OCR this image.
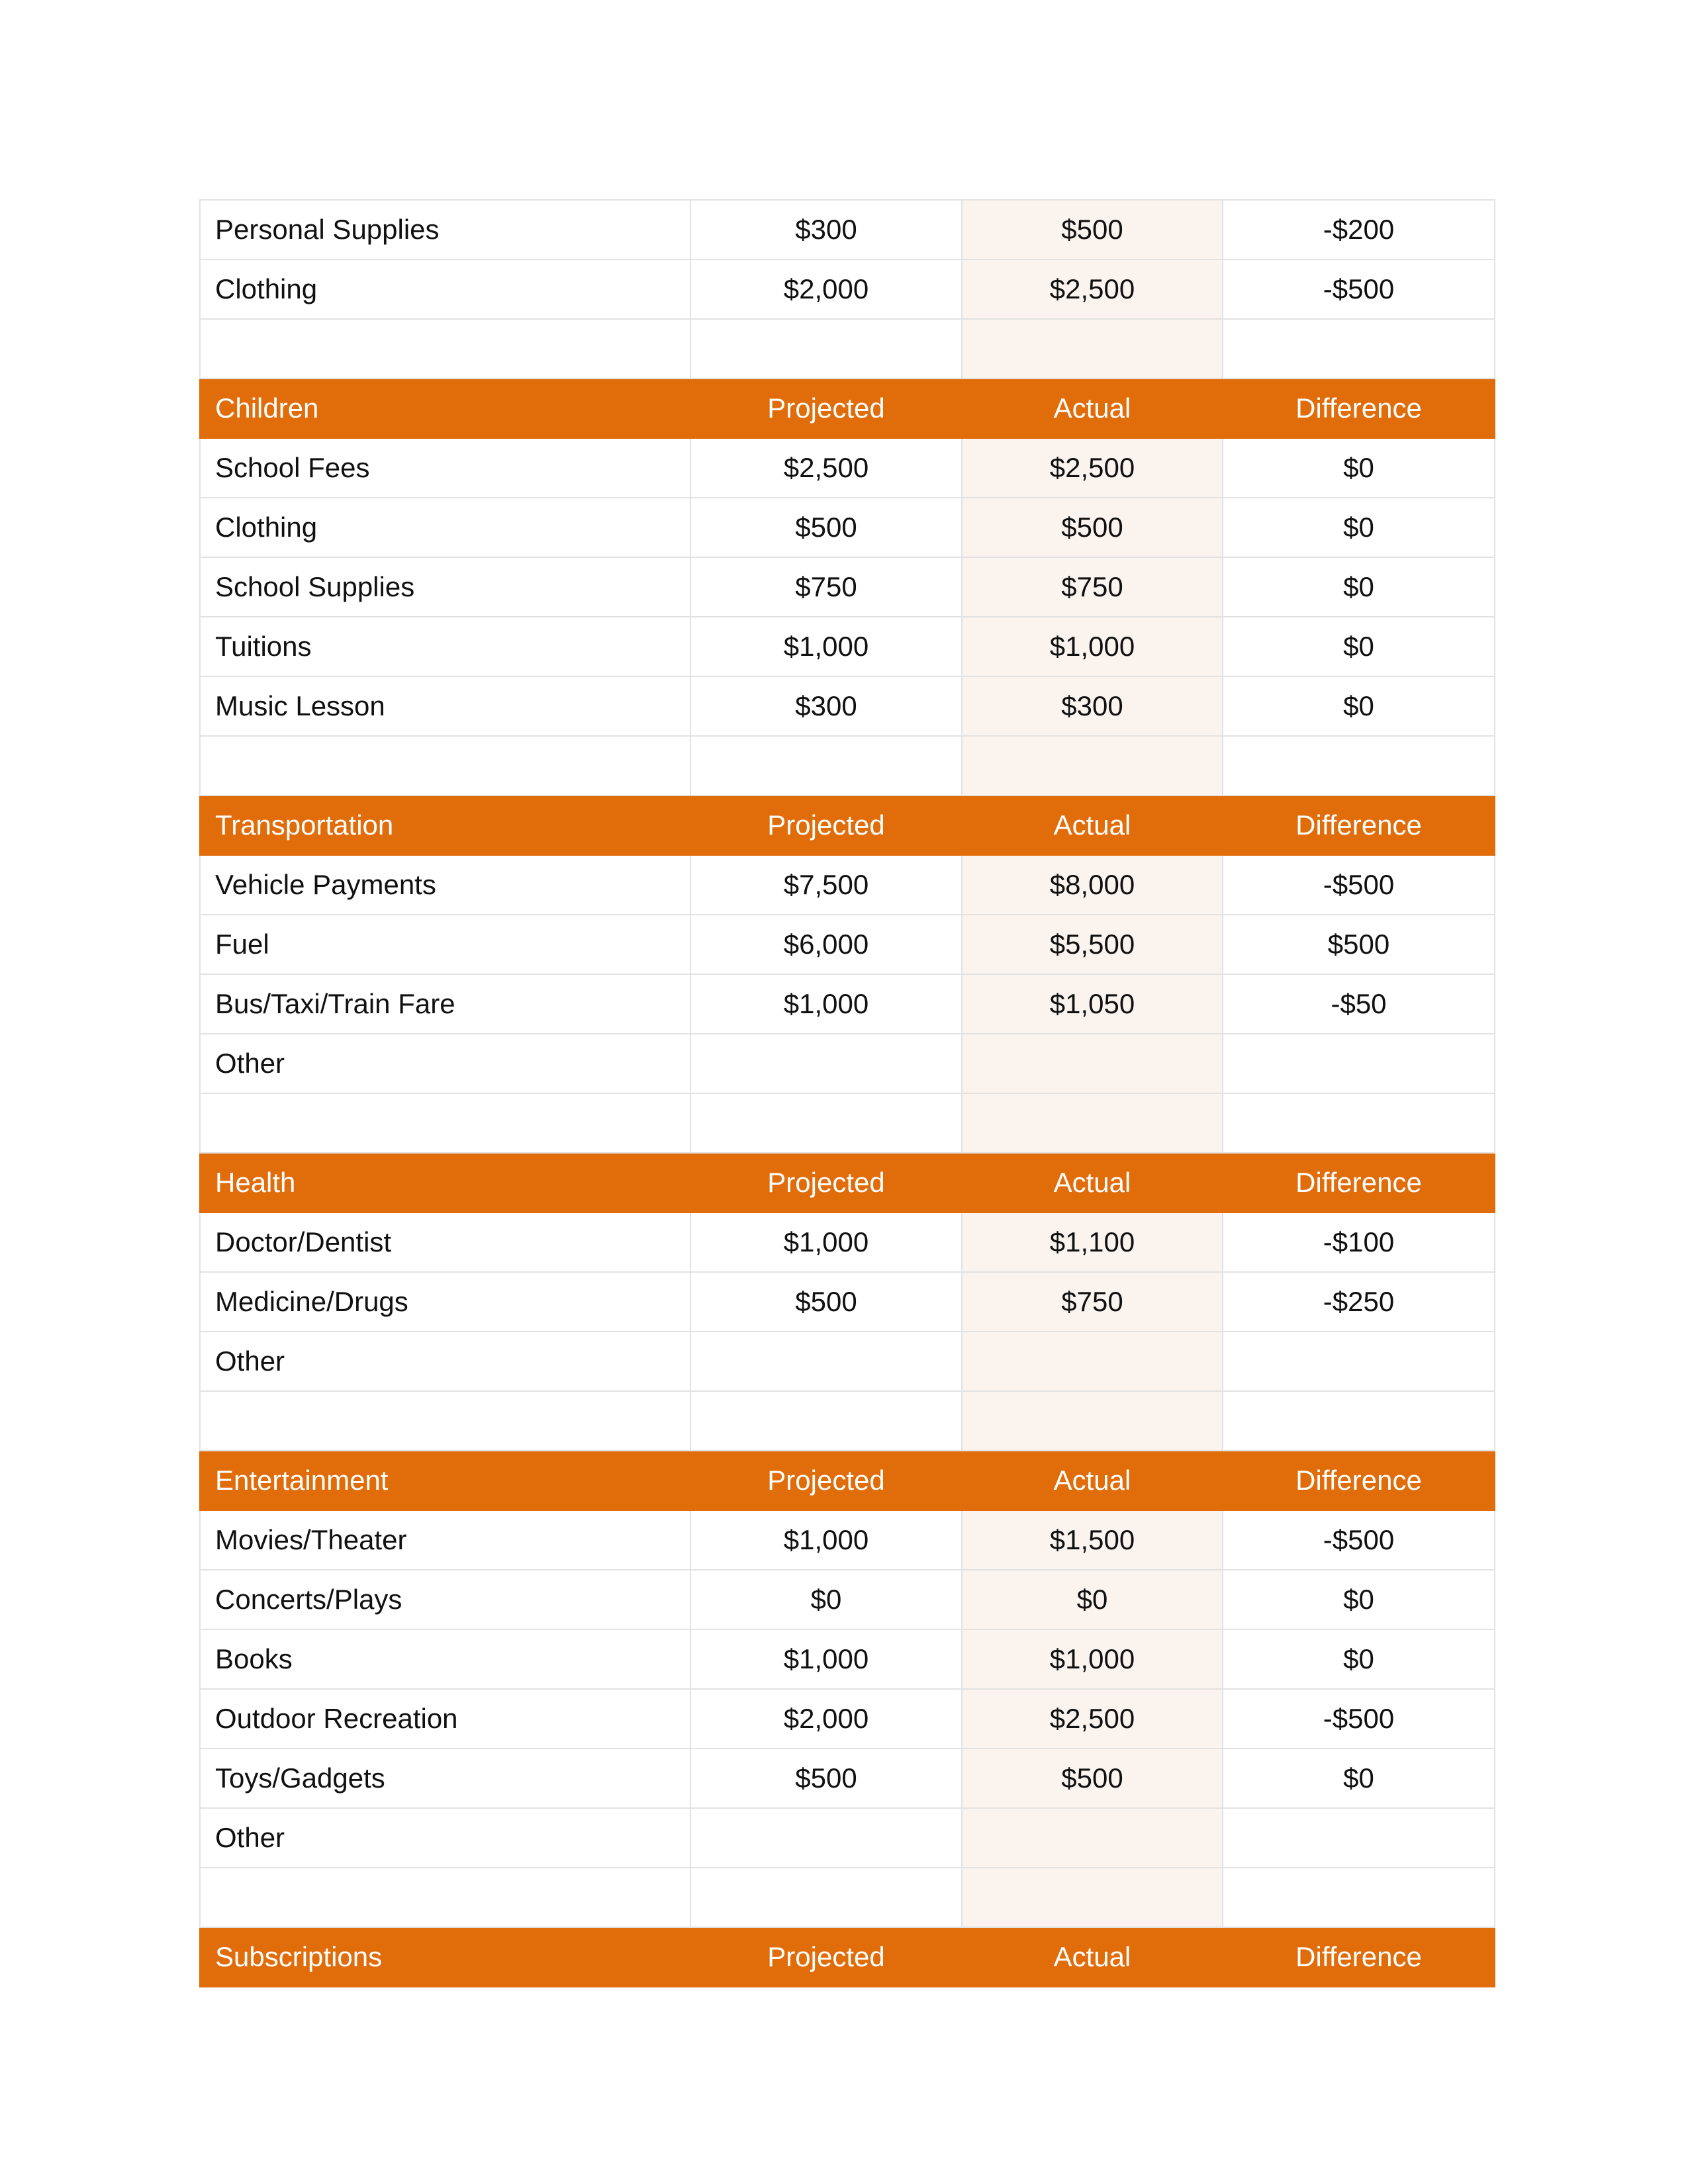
Personal Supplies	$300	$500	-$200
Clothing	$2,000	$2,500	-$500

Children	Projected	Actual	Difference
School Fees	$2,500	$2,500	$0
Clothing	$500	$500	$0
School Supplies	$750	$750	$0
Tuitions	$1,000	$1,000	$0
Music Lesson	$300	$300	$0

Transportation	Projected	Actual	Difference
Vehicle Payments	$7,500	$8,000	-$500
Fuel	$6,000	$5,500	$500
Bus/Taxi/Train Fare	$1,000	$1,050	-$50
Other			

Health	Projected	Actual	Difference
Doctor/Dentist	$1,000	$1,100	-$100
Medicine/Drugs	$500	$750	-$250
Other			

Entertainment	Projected	Actual	Difference
Movies/Theater	$1,000	$1,500	-$500
Concerts/Plays	$0	$0	$0
Books	$1,000	$1,000	$0
Outdoor Recreation	$2,000	$2,500	-$500
Toys/Gadgets	$500	$500	$0
Other			

Subscriptions	Projected	Actual	Difference
